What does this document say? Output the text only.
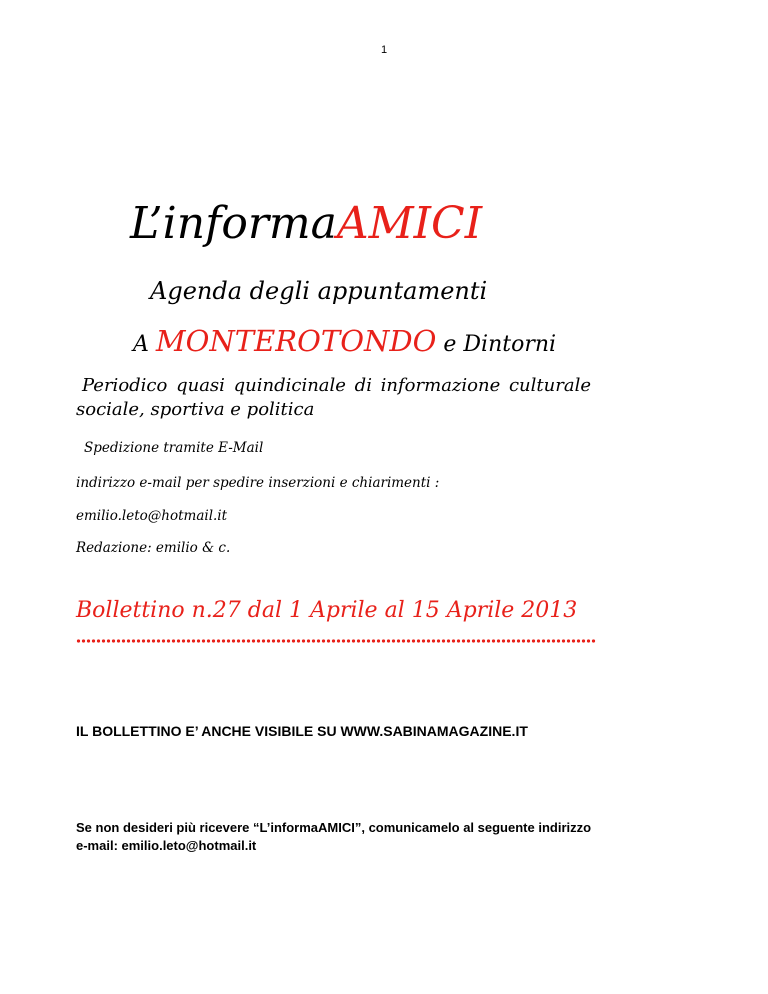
1
L’informaAMICI
Agenda degli appuntamenti
A MONTEROTONDO e Dintorni
Periodico quasi quindicinale di informazione culturale
sociale, sportiva e politica
Spedizione tramite E-Mail
indirizzo e-mail per spedire inserzioni e chiarimenti :
emilio.leto@hotmail.it
Redazione: emilio & c.
Bollettino n.27 dal 1 Aprile al 15 Aprile 2013
IL BOLLETTINO E’ ANCHE VISIBILE SU WWW.SABINAMAGAZINE.IT
Se non desideri più ricevere “L’informaAMICI”, comunicamelo al seguente indirizzo
e-mail: emilio.leto@hotmail.it
